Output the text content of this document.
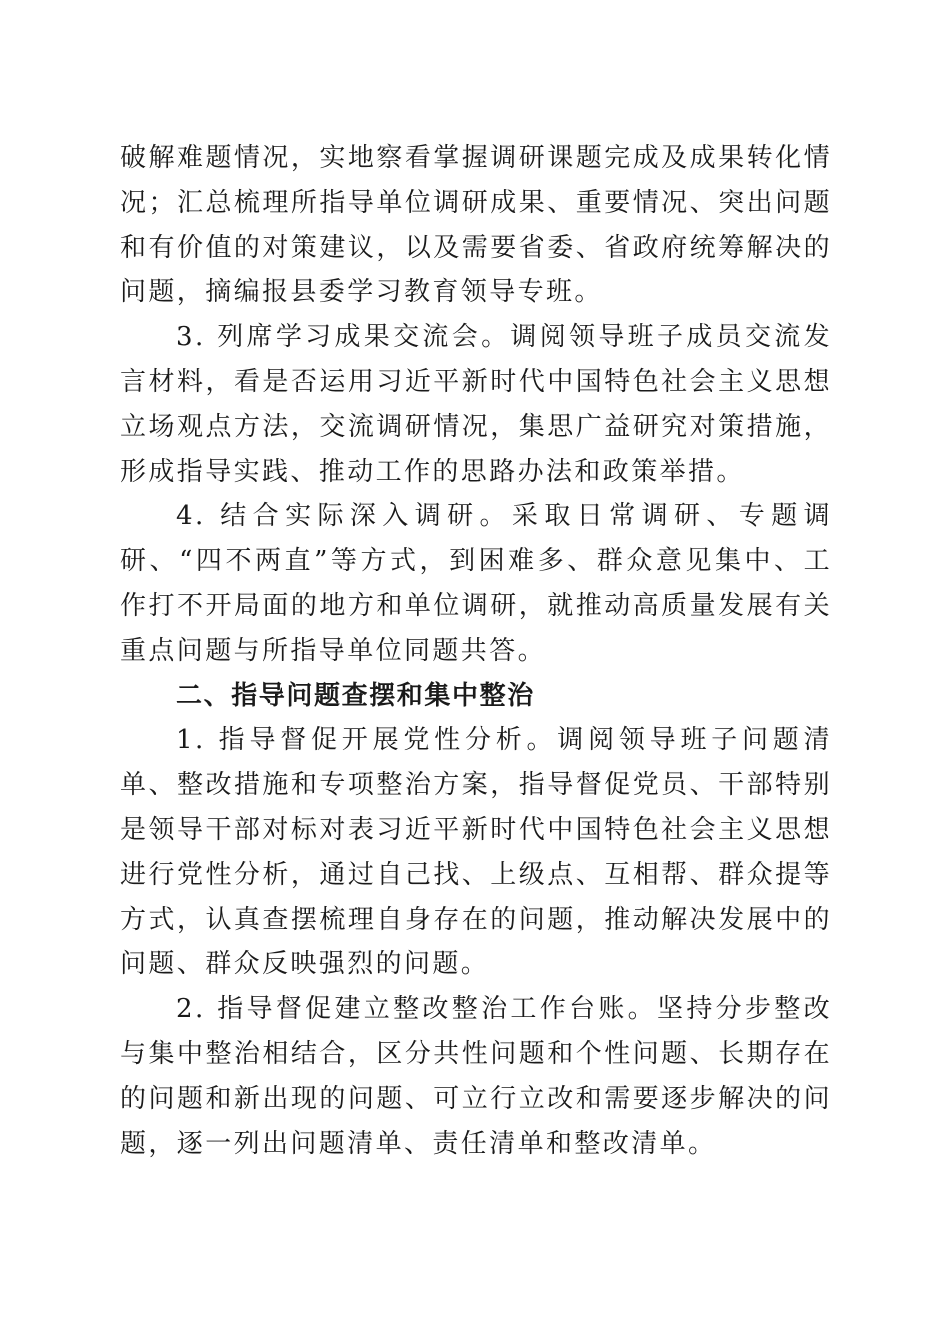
破解难题情况，实地察看掌握调研课题完成及成果转化情况；汇总梳理所指导单位调研成果、重要情况、突出问题和有价值的对策建议，以及需要省委、省政府统筹解决的问题，摘编报县委学习教育领导专班。

3. 列席学习成果交流会。调阅领导班子成员交流发言材料，看是否运用习近平新时代中国特色社会主义思想立场观点方法，交流调研情况，集思广益研究对策措施，形成指导实践、推动工作的思路办法和政策举措。

4. 结合实际深入调研。采取日常调研、专题调研、“四不两直”等方式，到困难多、群众意见集中、工作打不开局面的地方和单位调研，就推动高质量发展有关重点问题与所指导单位同题共答。

二、指导问题查摆和集中整治

1. 指导督促开展党性分析。调阅领导班子问题清单、整改措施和专项整治方案，指导督促党员、干部特别是领导干部对标对表习近平新时代中国特色社会主义思想进行党性分析，通过自己找、上级点、互相帮、群众提等方式，认真查摆梳理自身存在的问题，推动解决发展中的问题、群众反映强烈的问题。

2. 指导督促建立整改整治工作台账。坚持分步整改与集中整治相结合，区分共性问题和个性问题、长期存在的问题和新出现的问题、可立行立改和需要逐步解决的问题，逐一列出问题清单、责任清单和整改清单。
